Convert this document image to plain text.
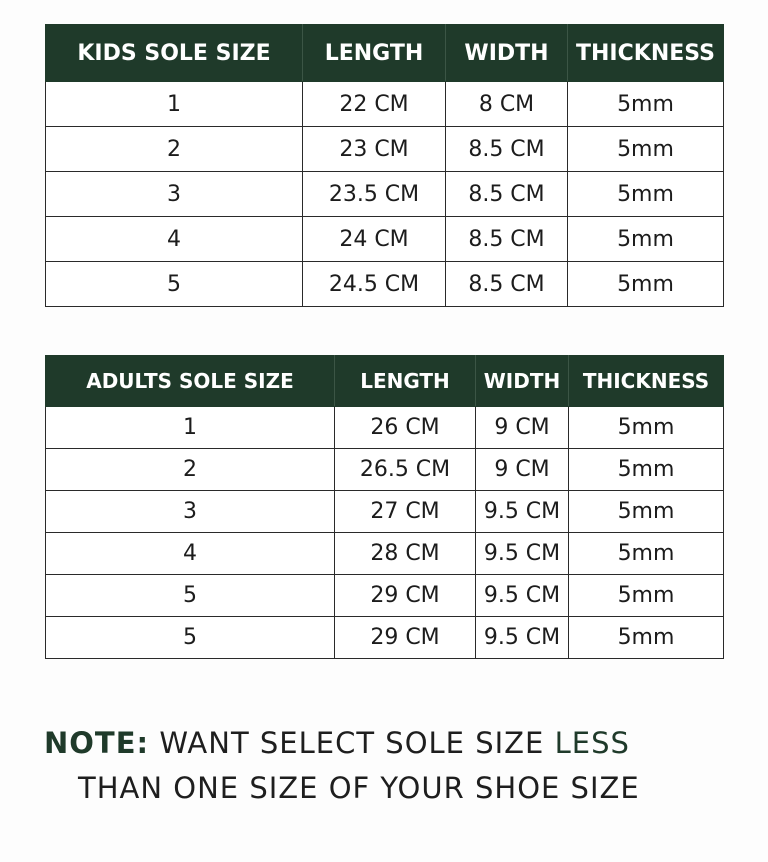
KIDS SOLE SIZE	LENGTH	WIDTH	THICKNESS
1	22 CM	8 CM	5mm
2	23 CM	8.5 CM	5mm
3	23.5 CM	8.5 CM	5mm
4	24 CM	8.5 CM	5mm
5	24.5 CM	8.5 CM	5mm
ADULTS SOLE SIZE	LENGTH	WIDTH	THICKNESS
1	26 CM	9 CM	5mm
2	26.5 CM	9 CM	5mm
3	27 CM	9.5 CM	5mm
4	28 CM	9.5 CM	5mm
5	29 CM	9.5 CM	5mm
5	29 CM	9.5 CM	5mm
NOTE: WANT SELECT SOLE SIZE LESS
THAN ONE SIZE OF YOUR SHOE SIZE
